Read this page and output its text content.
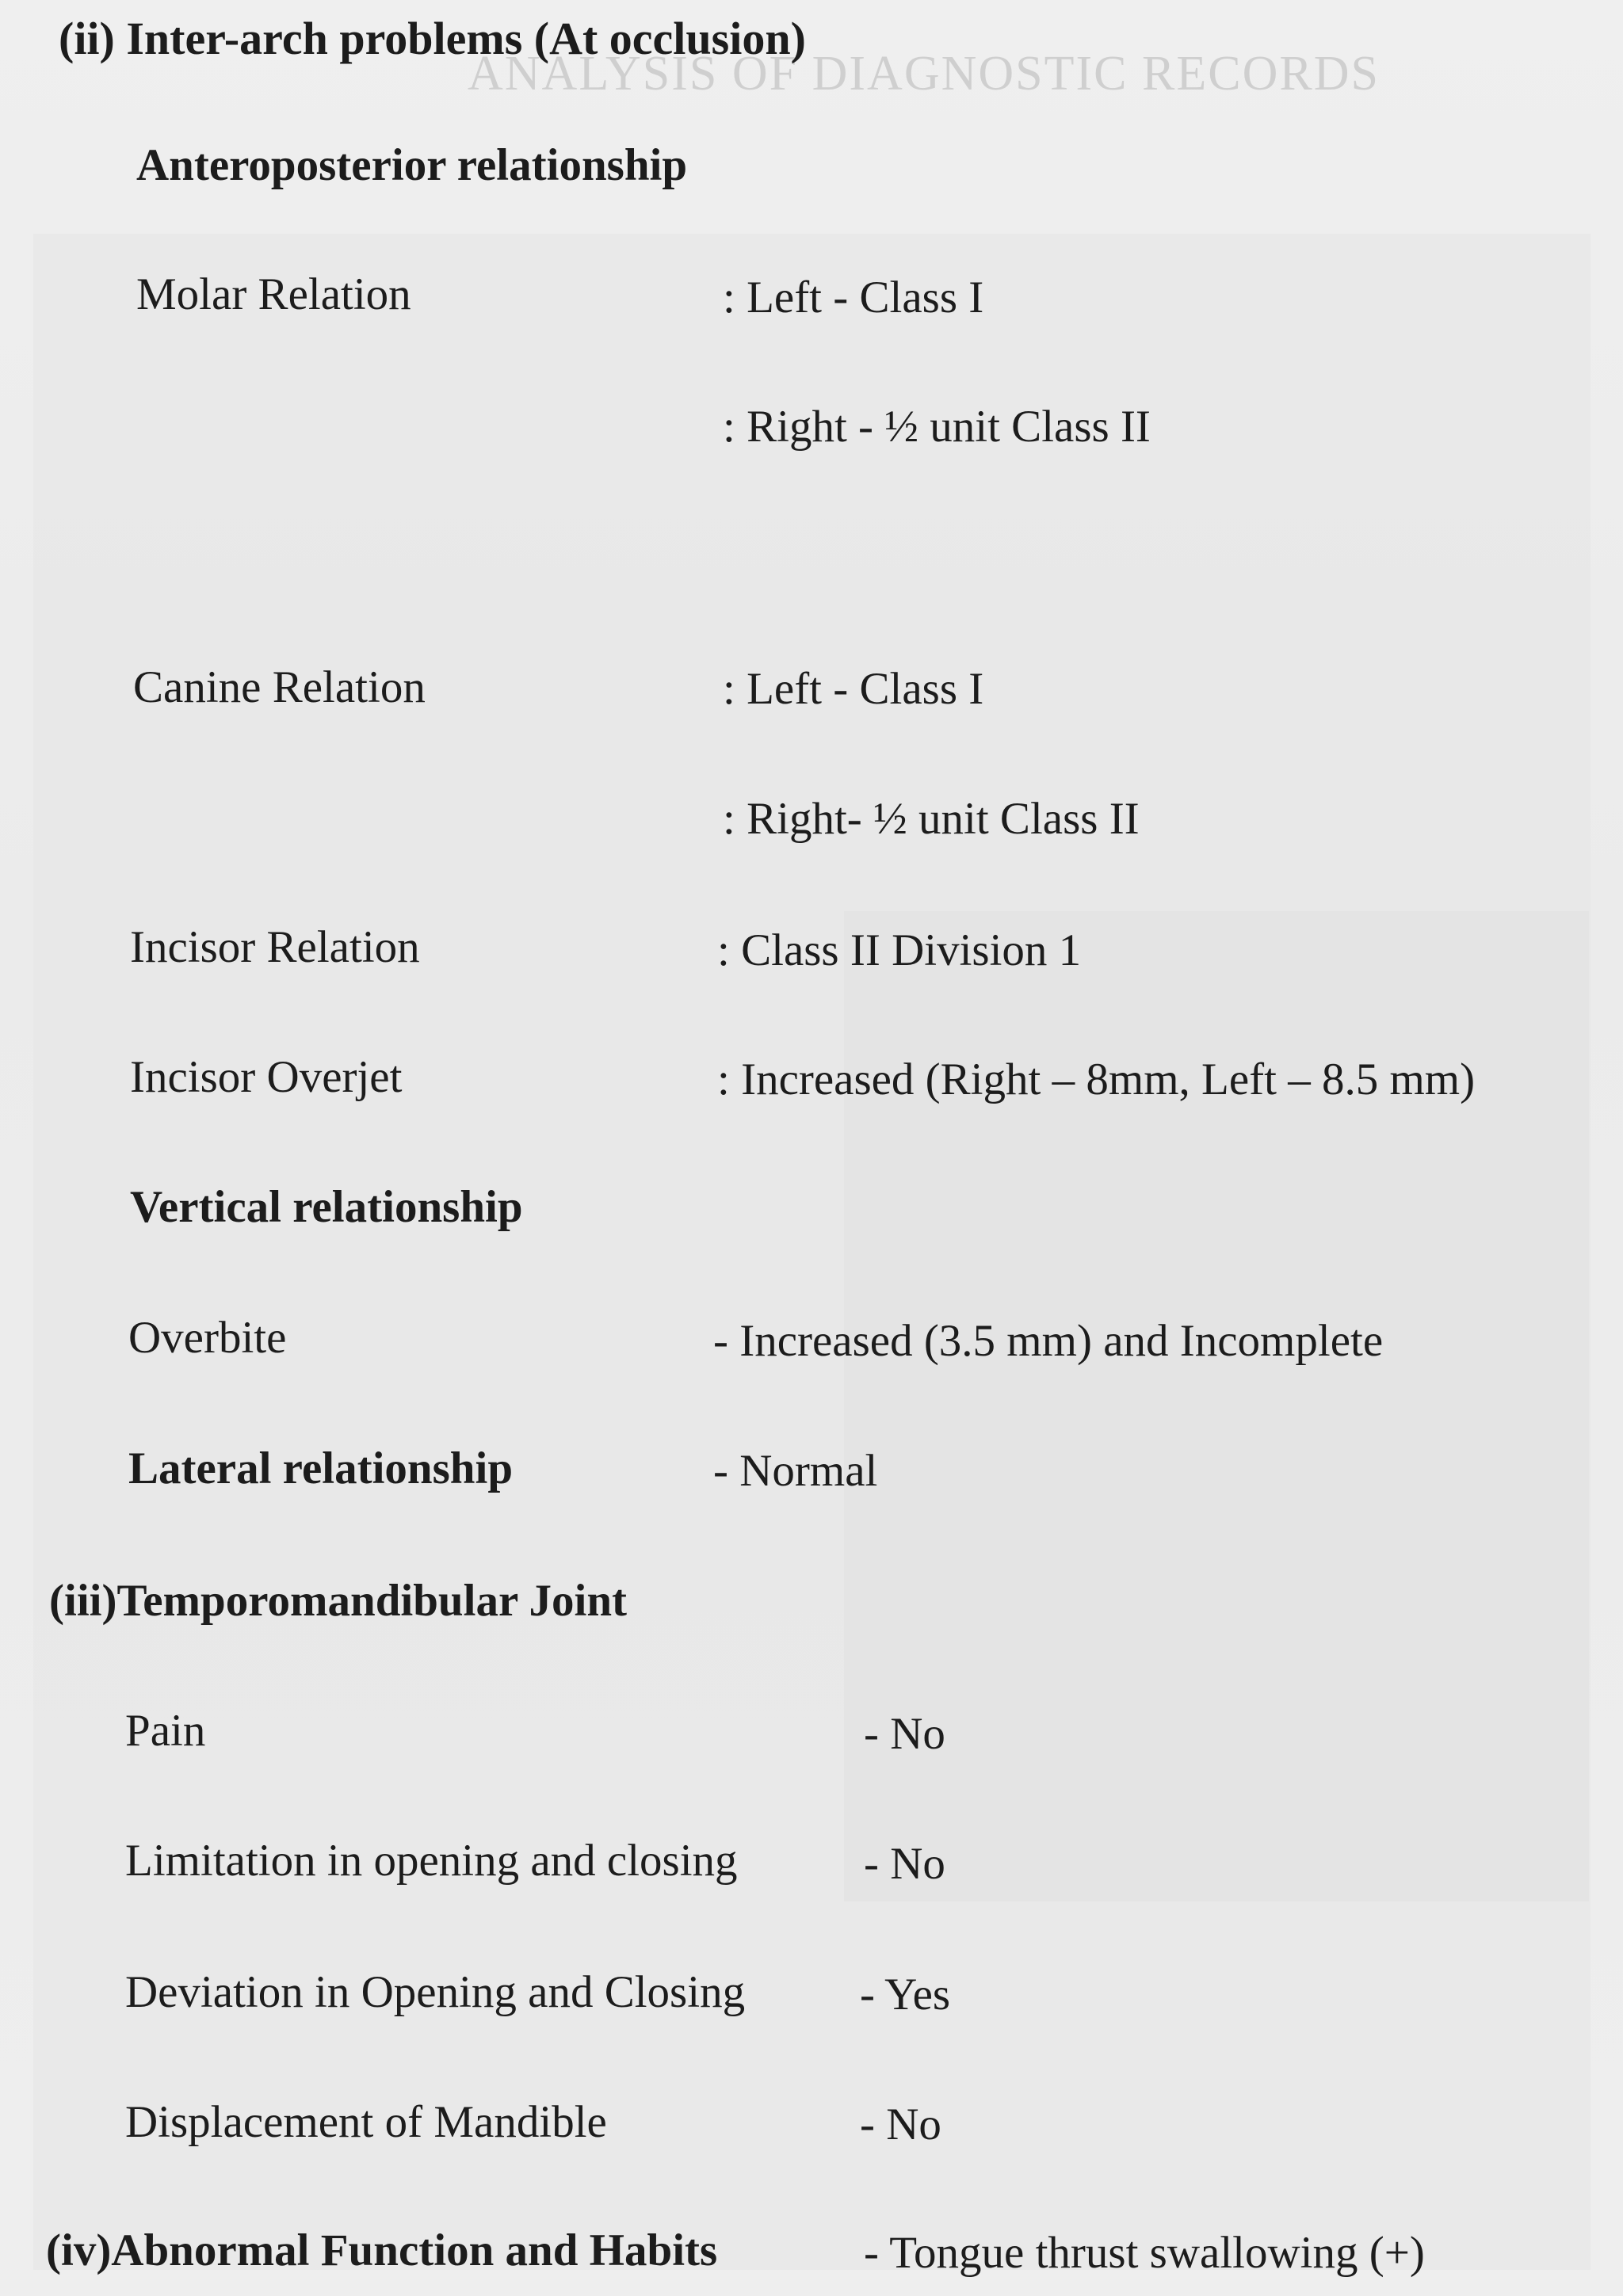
ANALYSIS OF DIAGNOSTIC RECORDS
(ii) Inter-arch problems (At occlusion)
Anteroposterior relationship
Molar Relation	: Left - Class I
: Right - ½ unit Class II
Canine Relation	: Left - Class I
: Right- ½ unit Class II
Incisor Relation	: Class II Division 1
Incisor Overjet	: Increased (Right – 8mm, Left – 8.5 mm)
Vertical relationship
Overbite	- Increased (3.5 mm) and Incomplete
Lateral relationship	- Normal
(iii)Temporomandibular Joint
Pain	- No
Limitation in opening and closing	- No
Deviation in Opening and Closing	- Yes
Displacement of Mandible	- No
(iv)Abnormal Function and Habits	- Tongue thrust swallowing (+)
